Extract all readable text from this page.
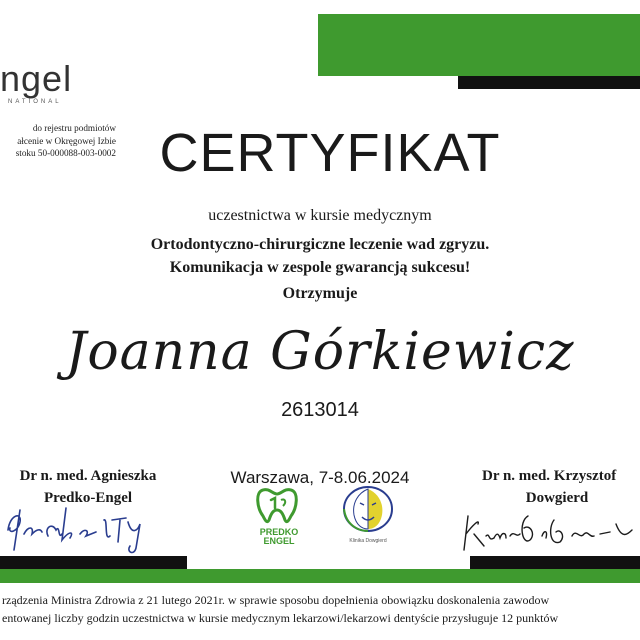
ngel
NATIONAL
do rejestru podmiotów
ałcenie w Okręgowej Izbie
stoku 50-000088-003-0002 CERTYFIKAT
uczestnictwa w kursie medycznym
Ortodontyczno-chirurgiczne leczenie wad zgryzu.
Komunikacja w zespole gwarancją sukcesu!
Otrzymuje
Joanna Górkiewicz
2613014
Dr n. med. Agnieszka
Predko-Engel
Warszawa, 7-8.06.2024	Dr n. med. Krzysztof
Dowgierd
PREDKO
ENGEL	Klinika Dowgierd
rządzenia Ministra Zdrowia z 21 lutego 2021r. w sprawie sposobu dopełnienia obowiązku doskonalenia zawodow
entowanej liczby godzin uczestnictwa w kursie medycznym lekarzowi/lekarzowi dentyście przysługuje 12 punktów
